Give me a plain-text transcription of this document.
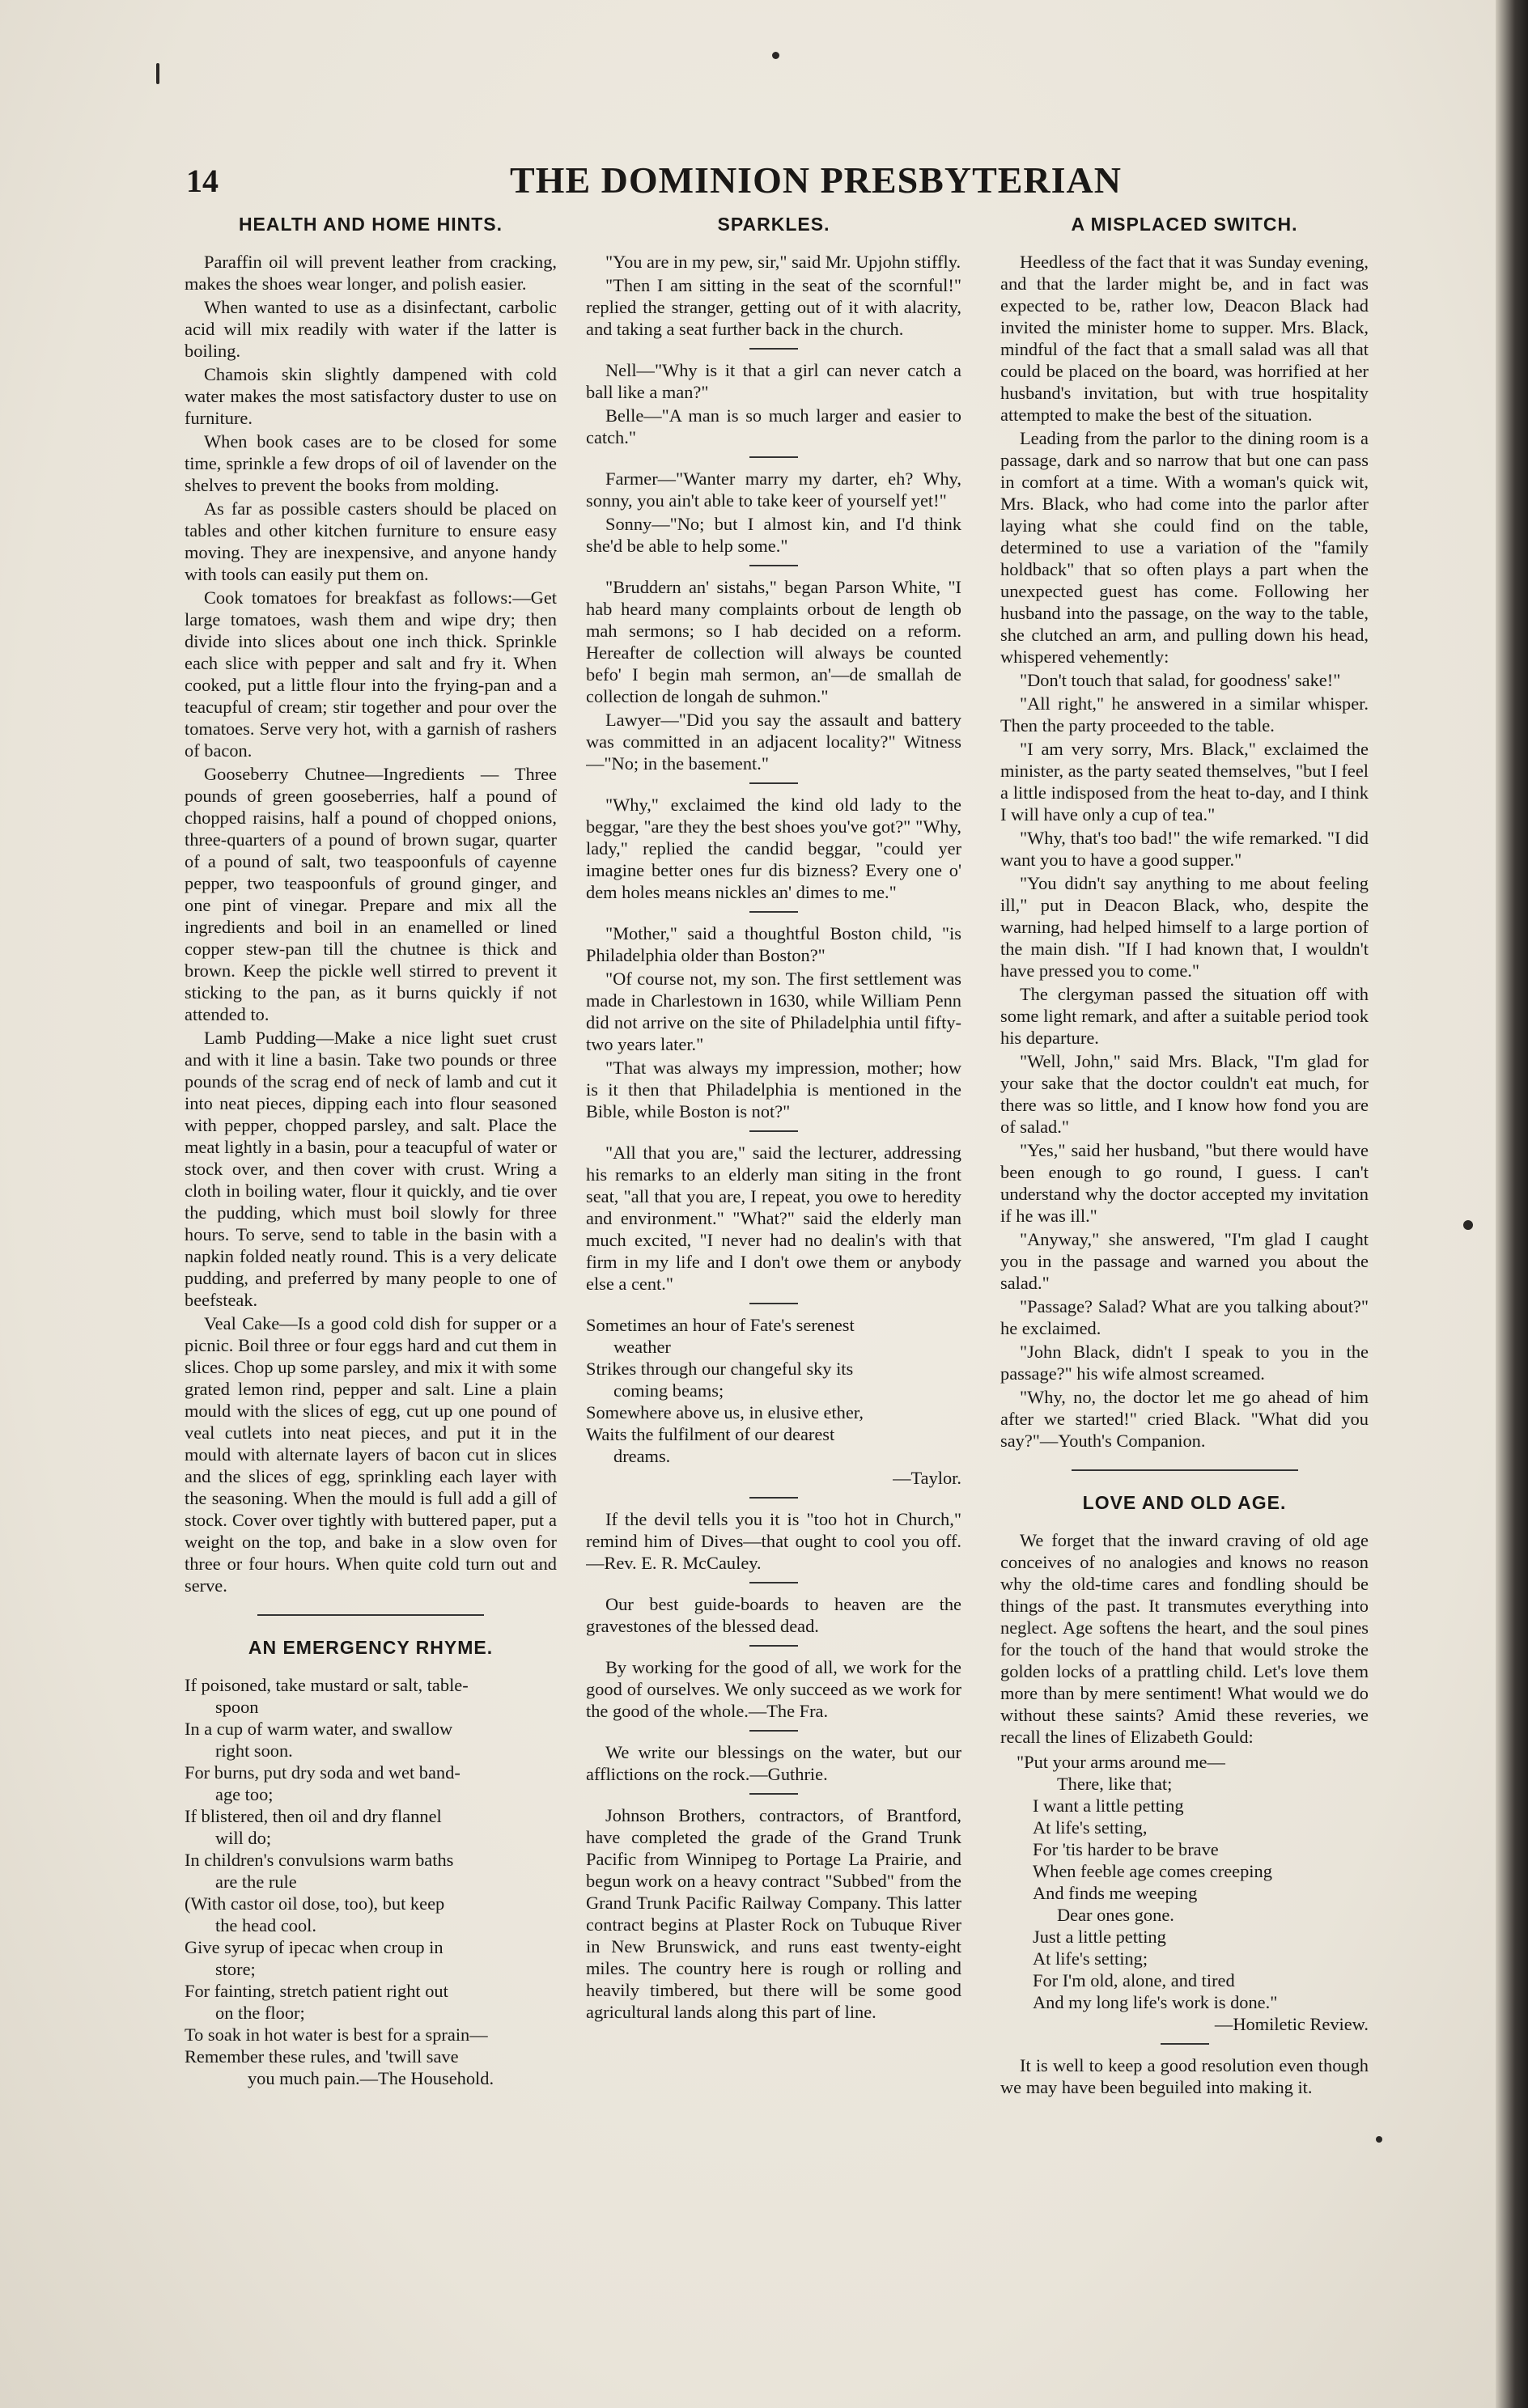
14	THE DOMINION PRESBYTERIAN
HEALTH AND HOME HINTS.

Paraffin oil will prevent leather from cracking, makes the shoes wear longer, and polish easier.

When wanted to use as a disinfectant, carbolic acid will mix readily with water if the latter is boiling.

Chamois skin slightly dampened with cold water makes the most satisfactory duster to use on furniture.

When book cases are to be closed for some time, sprinkle a few drops of oil of lavender on the shelves to prevent the books from molding.

As far as possible casters should be placed on tables and other kitchen furniture to ensure easy moving. They are inexpensive, and anyone handy with tools can easily put them on.

Cook tomatoes for breakfast as follows:—Get large tomatoes, wash them and wipe dry; then divide into slices about one inch thick. Sprinkle each slice with pepper and salt and fry it. When cooked, put a little flour into the frying-pan and a teacupful of cream; stir together and pour over the tomatoes. Serve very hot, with a garnish of rashers of bacon.

Gooseberry Chutnee—Ingredients — Three pounds of green gooseberries, half a pound of chopped raisins, half a pound of chopped onions, three-quarters of a pound of brown sugar, quarter of a pound of salt, two teaspoonfuls of cayenne pepper, two teaspoonfuls of ground ginger, and one pint of vinegar. Prepare and mix all the ingredients and boil in an enamelled or lined copper stew-pan till the chutnee is thick and brown. Keep the pickle well stirred to prevent it sticking to the pan, as it burns quickly if not attended to.

Lamb Pudding—Make a nice light suet crust and with it line a basin. Take two pounds or three pounds of the scrag end of neck of lamb and cut it into neat pieces, dipping each into flour seasoned with pepper, chopped parsley, and salt. Place the meat lightly in a basin, pour a teacupful of water or stock over, and then cover with crust. Wring a cloth in boiling water, flour it quickly, and tie over the pudding, which must boil slowly for three hours. To serve, send to table in the basin with a napkin folded neatly round. This is a very delicate pudding, and preferred by many people to one of beefsteak.

Veal Cake—Is a good cold dish for supper or a picnic. Boil three or four eggs hard and cut them in slices. Chop up some parsley, and mix it with some grated lemon rind, pepper and salt. Line a plain mould with the slices of egg, cut up one pound of veal cutlets into neat pieces, and put it in the mould with alternate layers of bacon cut in slices and the slices of egg, sprinkling each layer with the seasoning. When the mould is full add a gill of stock. Cover over tightly with buttered paper, put a weight on the top, and bake in a slow oven for three or four hours. When quite cold turn out and serve.

AN EMERGENCY RHYME.

If poisoned, take mustard or salt, table-

spoon

In a cup of warm water, and swallow

right soon.

For burns, put dry soda and wet band-

age too;

If blistered, then oil and dry flannel

will do;

In children's convulsions warm baths

are the rule

(With castor oil dose, too), but keep

the head cool.

Give syrup of ipecac when croup in

store;

For fainting, stretch patient right out

on the floor;

To soak in hot water is best for a sprain—

Remember these rules, and 'twill save

you much pain.—The Household.

SPARKLES.

"You are in my pew, sir," said Mr. Upjohn stiffly.

"Then I am sitting in the seat of the scornful!" replied the stranger, getting out of it with alacrity, and taking a seat further back in the church.

Nell—"Why is it that a girl can never catch a ball like a man?"

Belle—"A man is so much larger and easier to catch."

Farmer—"Wanter marry my darter, eh? Why, sonny, you ain't able to take keer of yourself yet!"

Sonny—"No; but I almost kin, and I'd think she'd be able to help some."

"Bruddern an' sistahs," began Parson White, "I hab heard many complaints orbout de length ob mah sermons; so I hab decided on a reform. Hereafter de collection will always be counted befo' I begin mah sermon, an'—de smallah de collection de longah de suhmon."

Lawyer—"Did you say the assault and battery was committed in an adjacent locality?" Witness—"No; in the basement."

"Why," exclaimed the kind old lady to the beggar, "are they the best shoes you've got?" "Why, lady," replied the candid beggar, "could yer imagine better ones fur dis bizness? Every one o' dem holes means nickles an' dimes to me."

"Mother," said a thoughtful Boston child, "is Philadelphia older than Boston?"

"Of course not, my son. The first settlement was made in Charlestown in 1630, while William Penn did not arrive on the site of Philadelphia until fifty-two years later."

"That was always my impression, mother; how is it then that Philadelphia is mentioned in the Bible, while Boston is not?"

"All that you are," said the lecturer, addressing his remarks to an elderly man siting in the front seat, "all that you are, I repeat, you owe to heredity and environment." "What?" said the elderly man much excited, "I never had no dealin's with that firm in my life and I don't owe them or anybody else a cent."

Sometimes an hour of Fate's serenest
weather
Strikes through our changeful sky its
coming beams;
Somewhere above us, in elusive ether,
Waits the fulfilment of our dearest
dreams.
—Taylor.

If the devil tells you it is "too hot in Church," remind him of Dives—that ought to cool you off.—Rev. E. R. McCauley.

Our best guide-boards to heaven are the gravestones of the blessed dead.

By working for the good of all, we work for the good of ourselves. We only succeed as we work for the good of the whole.—The Fra.

We write our blessings on the water, but our afflictions on the rock.—Guthrie.

Johnson Brothers, contractors, of Brantford, have completed the grade of the Grand Trunk Pacific from Winnipeg to Portage La Prairie, and begun work on a heavy contract "Subbed" from the Grand Trunk Pacific Railway Company. This latter contract begins at Plaster Rock on Tubuque River in New Brunswick, and runs east twenty-eight miles. The country here is rough or rolling and heavily timbered, but there will be some good agricultural lands along this part of line.

A MISPLACED SWITCH.

Heedless of the fact that it was Sunday evening, and that the larder might be, and in fact was expected to be, rather low, Deacon Black had invited the minister home to supper. Mrs. Black, mindful of the fact that a small salad was all that could be placed on the board, was horrified at her husband's invitation, but with true hospitality attempted to make the best of the situation.

Leading from the parlor to the dining room is a passage, dark and so narrow that but one can pass in comfort at a time. With a woman's quick wit, Mrs. Black, who had come into the parlor after laying what she could find on the table, determined to use a variation of the "family holdback" that so often plays a part when the unexpected guest has come. Following her husband into the passage, on the way to the table, she clutched an arm, and pulling down his head, whispered vehemently:

"Don't touch that salad, for goodness' sake!"

"All right," he answered in a similar whisper. Then the party proceeded to the table.

"I am very sorry, Mrs. Black," exclaimed the minister, as the party seated themselves, "but I feel a little indisposed from the heat to-day, and I think I will have only a cup of tea."

"Why, that's too bad!" the wife remarked. "I did want you to have a good supper."

"You didn't say anything to me about feeling ill," put in Deacon Black, who, despite the warning, had helped himself to a large portion of the main dish. "If I had known that, I wouldn't have pressed you to come."

The clergyman passed the situation off with some light remark, and after a suitable period took his departure.

"Well, John," said Mrs. Black, "I'm glad for your sake that the doctor couldn't eat much, for there was so little, and I know how fond you are of salad."

"Yes," said her husband, "but there would have been enough to go round, I guess. I can't understand why the doctor accepted my invitation if he was ill."

"Anyway," she answered, "I'm glad I caught you in the passage and warned you about the salad."

"Passage? Salad? What are you talking about?" he exclaimed.

"John Black, didn't I speak to you in the passage?" his wife almost screamed.

"Why, no, the doctor let me go ahead of him after we started!" cried Black. "What did you say?"—Youth's Companion.

LOVE AND OLD AGE.

We forget that the inward craving of old age conceives of no analogies and knows no reason why the old-time cares and fondling should be things of the past. It transmutes everything into neglect. Age softens the heart, and the soul pines for the touch of the hand that would stroke the golden locks of a prattling child. Let's love them more than by mere sentiment! What would we do without these saints? Amid these reveries, we recall the lines of Elizabeth Gould:

"Put your arms around me—
There, like that;
I want a little petting
At life's setting,
For 'tis harder to be brave
When feeble age comes creeping
And finds me weeping
Dear ones gone.
Just a little petting
At life's setting;
For I'm old, alone, and tired
And my long life's work is done."
—Homiletic Review.

It is well to keep a good resolution even though we may have been beguiled into making it.
